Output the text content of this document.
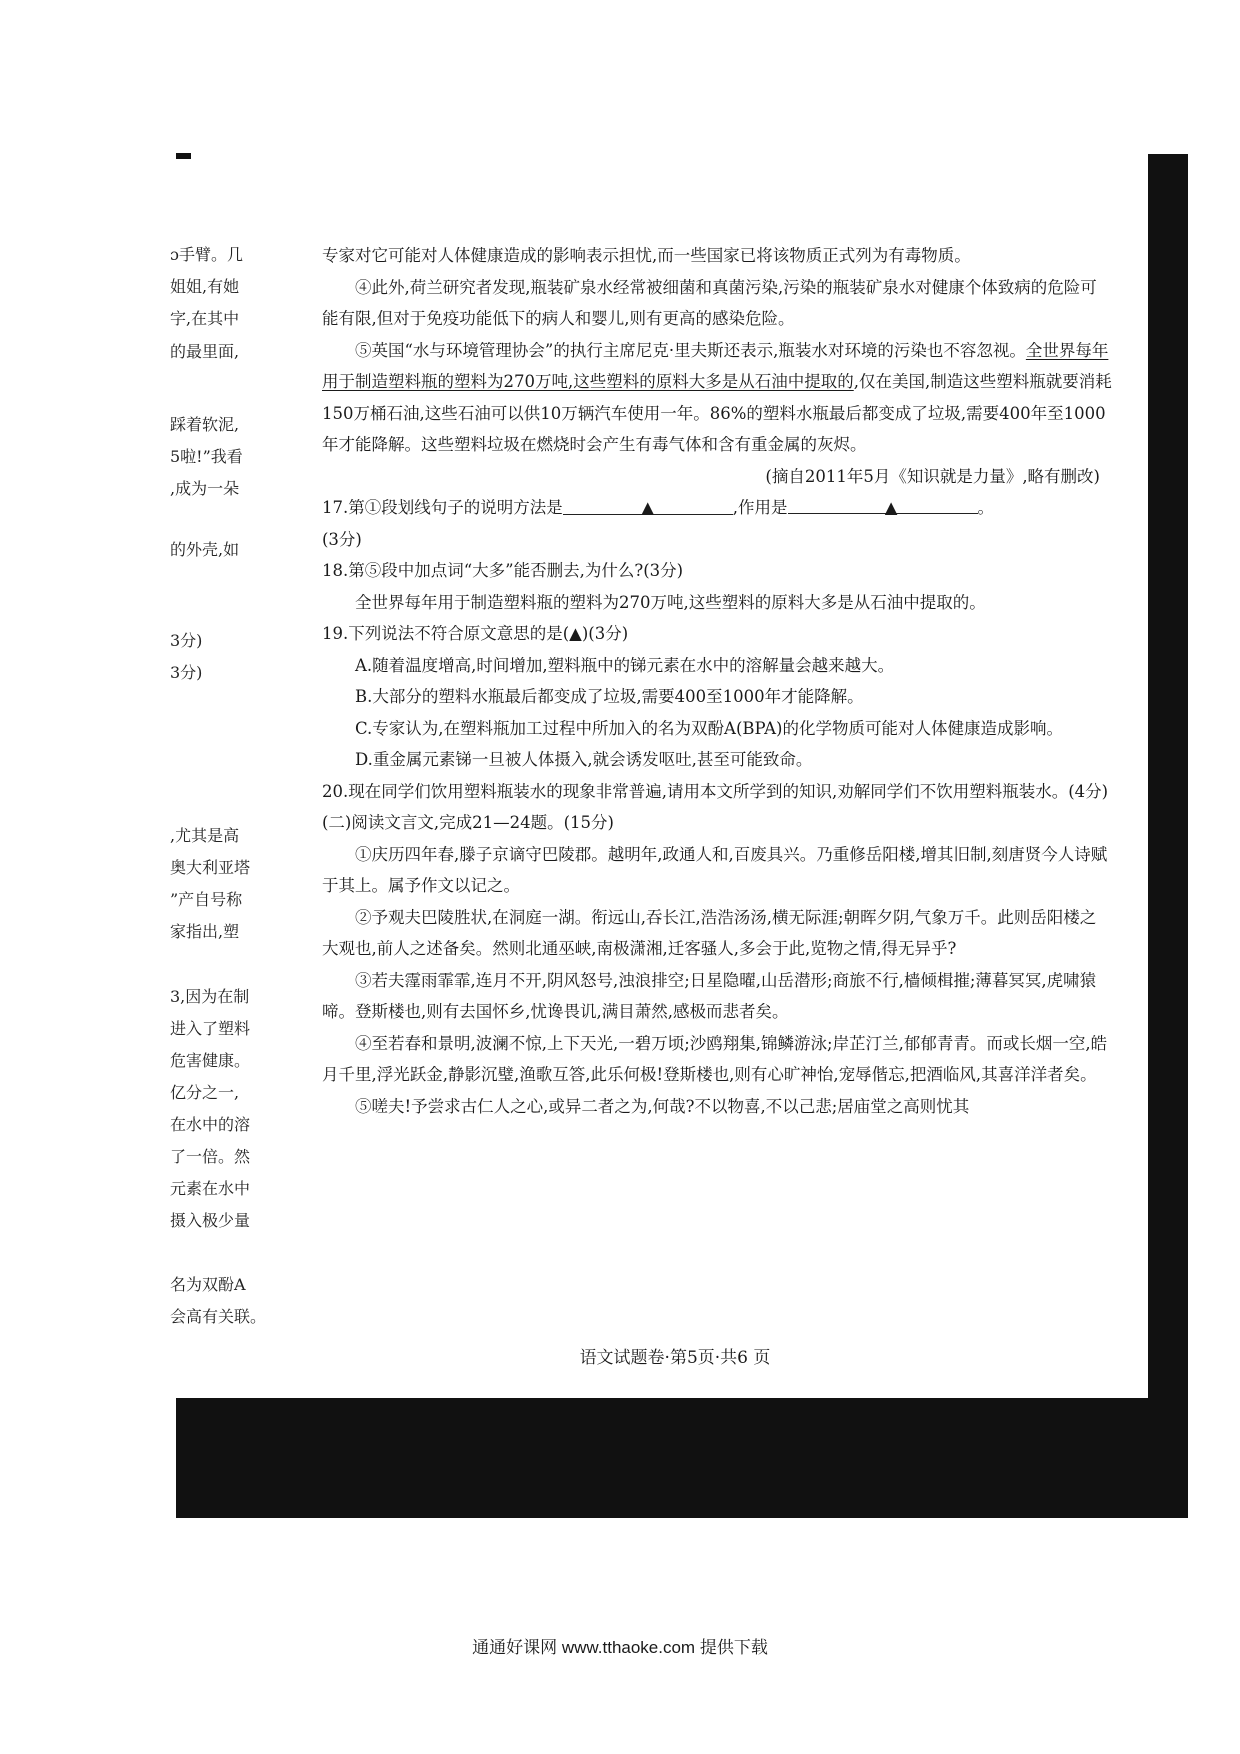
ɔ手臂。几
姐姐,有她
字,在其中
的最里面,
踩着软泥,
5啦!”我看
,成为一朵
的外壳,如
3分)
3分)
,尤其是高
奥大利亚塔
”产自号称
家指出,塑
3,因为在制
进入了塑料
危害健康。
亿分之一,
在水中的溶
了一倍。然
元素在水中
摄入极少量
名为双酚A
会高有关联。

专家对它可能对人体健康造成的影响表示担忧,而一些国家已将该物质正式列为有毒物质。

④此外,荷兰研究者发现,瓶装矿泉水经常被细菌和真菌污染,污染的瓶装矿泉水对健康个体致病的危险可能有限,但对于免疫功能低下的病人和婴儿,则有更高的感染危险。

⑤英国“水与环境管理协会”的执行主席尼克·里夫斯还表示,瓶装水对环境的污染也不容忽视。全世界每年用于制造塑料瓶的塑料为270万吨,这些塑料的原料大多是从石油中提取的,仅在美国,制造这些塑料瓶就要消耗150万桶石油,这些石油可以供10万辆汽车使用一年。86%的塑料水瓶最后都变成了垃圾,需要400年至1000年才能降解。这些塑料垃圾在燃烧时会产生有毒气体和含有重金属的灰烬。

(摘自2011年5月《知识就是力量》,略有删改)

17.第①段划线句子的说明方法是	▲	,作用是	▲	。

(3分)

18.第⑤段中加点词“大多”能否删去,为什么?(3分)

全世界每年用于制造塑料瓶的塑料为270万吨,这些塑料的原料大多是从石油中提取的。

19.下列说法不符合原文意思的是(▲)(3分)

A.随着温度增高,时间增加,塑料瓶中的锑元素在水中的溶解量会越来越大。

B.大部分的塑料水瓶最后都变成了垃圾,需要400至1000年才能降解。

C.专家认为,在塑料瓶加工过程中所加入的名为双酚A(BPA)的化学物质可能对人体健康造成影响。

D.重金属元素锑一旦被人体摄入,就会诱发呕吐,甚至可能致命。

20.现在同学们饮用塑料瓶装水的现象非常普遍,请用本文所学到的知识,劝解同学们不饮用塑料瓶装水。(4分)

(二)阅读文言文,完成21—24题。(15分)

①庆历四年春,滕子京谪守巴陵郡。越明年,政通人和,百废具兴。乃重修岳阳楼,增其旧制,刻唐贤今人诗赋于其上。属予作文以记之。

②予观夫巴陵胜状,在洞庭一湖。衔远山,吞长江,浩浩汤汤,横无际涯;朝晖夕阴,气象万千。此则岳阳楼之大观也,前人之述备矣。然则北通巫峡,南极潇湘,迁客骚人,多会于此,览物之情,得无异乎?

③若夫霪雨霏霏,连月不开,阴风怒号,浊浪排空;日星隐曜,山岳潜形;商旅不行,樯倾楫摧;薄暮冥冥,虎啸猿啼。登斯楼也,则有去国怀乡,忧谗畏讥,满目萧然,感极而悲者矣。

④至若春和景明,波澜不惊,上下天光,一碧万顷;沙鸥翔集,锦鳞游泳;岸芷汀兰,郁郁青青。而或长烟一空,皓月千里,浮光跃金,静影沉璧,渔歌互答,此乐何极!登斯楼也,则有心旷神怡,宠辱偕忘,把酒临风,其喜洋洋者矣。

⑤嗟夫!予尝求古仁人之心,或异二者之为,何哉?不以物喜,不以己悲;居庙堂之高则忧其

语文试题卷·第5页·共6 页
通通好课网 www.tthaoke.com 提供下载
